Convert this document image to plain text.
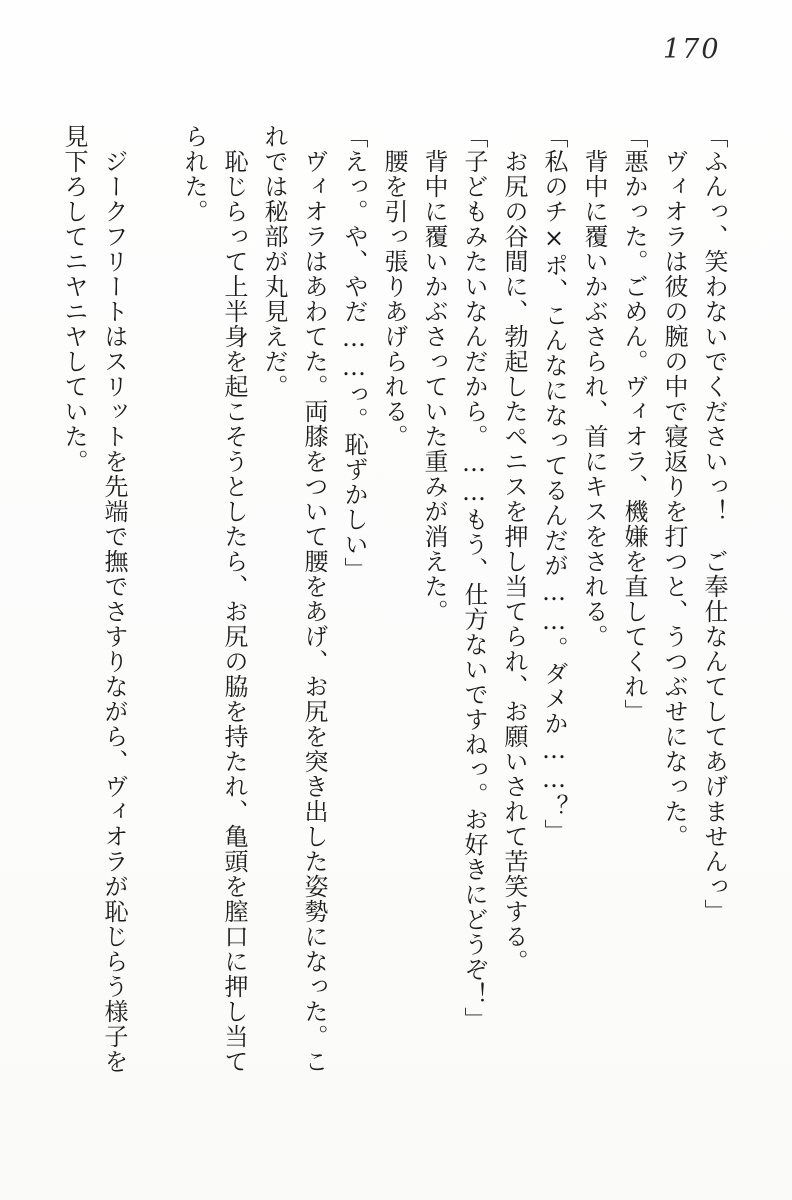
170

「ふんっ、笑わないでくださいっ！　ご奉仕なんてしてあげませんっ」

　ヴィオラは彼の腕の中で寝返りを打つと、うつぶせになった。

「悪かった。ごめん。ヴィオラ、機嫌を直してくれ」

　背中に覆いかぶさられ、首にキスをされる。

「私のチ×ポ、こんなになってるんだが……。ダメか……？」

　お尻の谷間に、勃起したペニスを押し当てられ、お願いされて苦笑する。

「子どもみたいなんだから。……もう、仕方ないですねっ。お好きにどうぞ！」

　背中に覆いかぶさっていた重みが消えた。

　腰を引っ張りあげられる。

「えっ。や、やだ……っ。恥ずかしい」

　ヴィオラはあわてた。両膝をついて腰をあげ、お尻を突き出した姿勢になった。これでは秘部が丸見えだ。

　恥じらって上半身を起こそうとしたら、お尻の脇を持たれ、亀頭を膣口に押し当てられた。

　ジークフリートはスリットを先端で撫でさすりながら、ヴィオラが恥じらう様子を見下ろしてニヤニヤしていた。
